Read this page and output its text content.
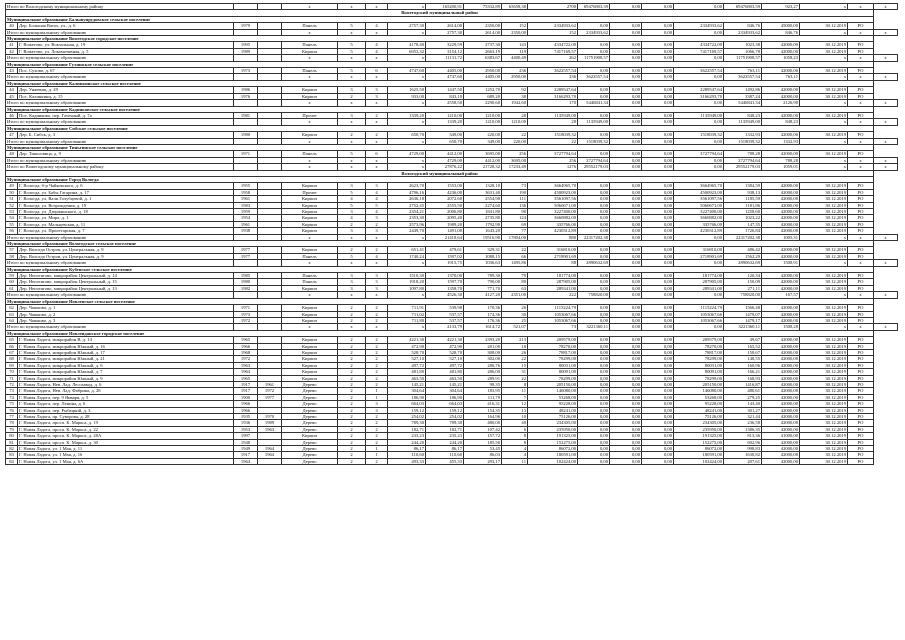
Итого по Вологодскому муниципальному району				x	x	x	x	165200,91	75332,89	65658,38	2700	69476803,39	0,00	0,00	0,00	69476803,59	923,27	x	x	x
Вожегодский муниципальный район																				
Муниципальное образование Бальшуирудовское сельское поселение																				
40	Дер. Большая Ватох, ул., д. 6	1979		Панель	5	4	2757,30	2614,00	2350,00	152	2334933,62	0,00	0,00	0,00	2334933,62	846,76	45000,00	30.12.2019	РО	
Итого по муниципальному образованию				x	x	x	x	2757,30	2614,00	2350,00	152	2334933,62	0,00	0,00	0,00	2334933,62	846,76	x	x	x
Муниципальное образование Вожегодское городское поселение																				
41	Г. Вожегово, ул. Вокзальная, д. 19	1995		Панель	5	4	4178,40	3229,59	2737,30	143	4334722,00	0,00	0,00	0,00	4334722,00	1023,38	42000,00	30.12.2019	РО	
42	Г. Вожегово, ул. Локомотивная, д. 5	1989		Кирпич	5	4	6953,32	3154,12	2663,19	119	7417169,57	0,00	0,00	0,00	7417169,57	1066,78	42000,00	30.12.2019	РО	
Итого по муниципальному образованию				x	x	x	x	11131,72	6383,67	4400,49	262	11751908,57	0,00	0,00	0,00	11751908,57	1058,23	x	x	x
Муниципальное образование Гуляшское сельское поселение																				
43	Пос. Сухово, д. 67	1973		Панель	5	6	4747,60	4405,00	2950,00	236	3622557,54	0,00	0,00	0,00	3622557,54	763,11	42000,00	30.12.2019	РО	
Итого по муниципальному образованию				x	x	x	x	4747,60	4405,00	2950,00	236	3622557,54	0,00	0,00	0,00	3622557,54	763,11	x	x	x
Муниципальное образование Калинкинское сельское поселение																				
44	Дер. Унжевиц, д. 29	1986		Кирпич	3	3	1625,50	1447,50	1252,70	92	2289547,64	0,00	0,00	0,00	2289547,64	1492,86	42000,00	30.12.2019	РО	
45	Пос. Калинкинц, д. 15	1976		Кирпич	2	3	933,00	843,10	689,20	38	3166293,70	0,00	0,00	0,00	3166293,70	3387,24	42000,00	30.12.2019	РО	
Итого по муниципальному образованию				x	x	x	x	2558,50	2290,60	1942,60	170	5446841,34	0,00	0,00	0,00	5446841,34	2126,90	x	x	x
Муниципальное образование Кадниковское сельское поселение																				
46	Пос. Кадниково, пер. Гаточный, д. 7а	1981		Прочее	3	2	1339,20	1210,00	1210,00	28	1135949,00	0,00	0,00	0,00	1135949,00	848,23	42000,00	30.12.2019	РО	
Итого по муниципальному образованию				x	x	x	x	1339,20	1210,00	1210,00	28	1135949,00	0,00	0,00	0,00	1135949,00	848,23	x	x	x
Муниципальное образование Сибское сельское поселение																				
47	Дер. Б. Сибск, д. 3	1980		Кирпич	2	2	650,70	349,00	220,00	22	1518039,32	0,00	0,00	0,00	1518039,32	1332,93	42000,00	30.12.2019	РО	
Итого по муниципальному образованию				x	x	x	x	650,70	349,00	220,00	22	1518039,32	0,00	0,00	0,00	1518039,32	1332,93	x	x	x
Муниципальное образование Тиньгинское сельское поселение																				
48	Дер. Тиньговица, д. 9	1971		Панель	5	6	4729,00	4412,00	3695,00	256	3727794,64	0,00	0,00	0,00	3727794,64	788,28	42000,00	30.12.2019	РО	
Итого по муниципальному образованию				x	x	x	x	4729,00	4412,00	3695,00	256	3727794,64	0,00	0,00	0,00	3727794,64	788,28	x	x	x
Итого по Вожегодскому муниципальному району				x	x	x	x	27876,22	21728,32	17233,49	1276	29552179,03	0,00	0,00	0,00	29552179,03	1059,01	x	x	x
Вологодский муниципальный район																				
Муниципальное образование Город Вологда																				
49	Г. Вологда, б-р Чайковского, д. 6	1955		Кирпич	3	3	2623,70	1553,00	1328,10	73	3664965,70	0,00	0,00	0,00	3664965,70	1384,59	42000,00	30.12.2019	РО	
50	Г. Вологда, ул. Бабы Гагарина, д. 17	1958		Прочее	5	4	4796,16	4236,00	3631,40	190	4500923,00	0,00	0,00	0,00	4500923,00	938,13	42000,00	30.12.2019	РО	
51	Г. Вологда, ул. Вали Голубцевой, д. 1	1961		Кирпич	4	4	2636,18	2072,60	2554,90	111	3561097,56	0,00	0,00	0,00	3561097,56	1185,59	42000,00	30.12.2019	РО	
52	Г. Вологда, ул. Возрождения, д. 19	1983		Кирпич	5	5	2752,45	2555,50	2274,60	136	5060671,00	0,00	0,00	0,00	5060671,00	1181,86	42000,00	30.12.2019	РО	
53	Г. Вологда, ул. Дзержинского, д. 18	1959		Кирпич	3	4	2354,21	2006,80	1841,80	90	3227400,00	0,00	0,00	0,00	3227400,00	1258,60	42000,00	30.12.2019	РО	
54	Г. Вологда, ул. Мира, д. 1	1954		Кирпич	4	3	2353,30	2095,40	2735,80	124	3660882,00	0,00	0,00	0,00	3660882,00	1023,22	42000,00	30.12.2019	РО	
55	Г. Вологда, ул. Мальцевская, д. 11	1961		Кирпич	2	2	2573,96	1989,20	1792,90	69	335766,00	0,00	0,00	0,00	335766,00	147,35	42000,00	30.12.2019	РО	
56	Г. Вологда, ул. Пролетарская, д. 7	1938		Кирпич	3	3	2449,70	1491,00	1643,20	77	4230312,89	0,00	0,00	0,00	4230312,89	1726,84	42000,00	30.12.2019	РО	
Итого по муниципальному образованию				x	x	x	x	21418,64	19516,90	17804,00	880	22317202,38	0,00	0,00	0,00	22317202,38	1005,31	x	x	x
Муниципальное образование Вологодское сельское поселение																				
57	Дер. Вологда Остров, ул. Центральная, д. 9	1977		Кирпич	2	2	651,41	479,61	329,31	22	316810,00	0,00	0,00	0,00	316810,00	486,42	42000,00	30.12.2019	РО	
58	Дер. Вологда Остров, ул. Центральная, д. 9	1977		Панель	5	4	1740,24	1597,02	1088,15	66	2718901,69	0,00	0,00	0,00	2718901,69	1562,29	42000,00	30.12.2019	РО	
Итого по муниципальному образованию				x	x	x	x	1915,75	1036,63	1495,86	88	2890632,69	0,00	0,00	0,00	2890632,69	1508,91	x	x	x
Муниципальное образование Кубенское сельское поселение																				
59	Дер. Непотягово, микрорайон Центральный, д. 14	1985		Панель	3	3	1510,30	1370,00	789,30	79	181774,00	0,00	0,00	0,00	181774,00	120,34	42000,00	30.12.2019	РО	
60	Дер. Непотягово, микрорайон Центральный, д. 15	1980		Панель	3	3	1918,20	1597,70	790,00	80	287905,00	0,00	0,00	0,00	287905,00	150,09	42000,00	30.12.2019	РО	
61	Дер. Непотягово, микрорайон Центральный, д. 13	1982		Кирпич	3	3	1097,80	1358,70	771,70	63	289341,00	0,00	0,00	0,00	289341,00	271,11	42000,00	30.12.2019	РО	
Итого по муниципальному образованию				x	x	x	x	4526,30	4127,20	2351,00	222	758820,00	0,00	0,00	0,00	758820,00	167,57	x	x	x
Муниципальное образование Новленское сельское поселение																				
62	Дер. Чашково, д. 1	1971		Кирпич	2	2	711,91	539,98	170,36	26	1115224,79	0,00	0,00	0,00	1115224,79	1566,48	42000,00	30.12.2019	РО	
63	Дер. Чашково, д. 2	1973		Кирпич	2	2	711,02	537,57	174,36	30	1053067,66	0,00	0,00	0,00	1053067,66	1479,07	42000,00	30.12.2019	РО	
64	Дер. Чашково, д. 3	1972		Кирпич	2	2	711,80	537,57	176,36	25	1053067,66	0,00	0,00	0,00	1053067,66	1479,17	42000,00	30.12.2019	РО	
Итого по муниципальному образованию				x	x	x	x	2133,79	1614,72	521,07	73	3221360,11	0,00	0,00	0,00	3221360,11	1508,28	x	x	x
Муниципальное образование Новлеиданское городское поселение																				
65	Г. Новая Ладога, микрорайон В, д. 14	1965		Кирпич	2	2	4221,30	4221,30	2393,20	213	209579,00	0,00	0,00	0,00	209579,00	49,67	42000,00	30.12.2019	РО	
66	Г. Новая Ладога, микрорайон Южный, д. 16	1966		Кирпич	2	2	472,90	472,90	281,00	18	78270,00	0,00	0,00	0,00	78270,00	165,52	42000,00	30.12.2019	РО	
67	Г. Новая Ладога, микрорайон Южный, д. 17	1968		Кирпич	2	2	528,70	528,70	308,00	26	78817,00	0,00	0,00	0,00	78817,00	150,67	42000,00	30.12.2019	РО	
68	Г. Новая Ладога, микрорайон Южный, д. 21	1972		Кирпич	2	2	527,10	527,10	302,00	22	78299,00	0,00	0,00	0,00	78299,00	148,55	42000,00	30.12.2019	РО	
69	Г. Новая Ладога, микрорайон Южный, д. 6	1963		Кирпич	2	2	497,72	497,72	286,76	15	80031,00	0,00	0,00	0,00	80031,00	160,96	42000,00	30.12.2019	РО	
70	Г. Новая Ладога, микрорайон Южный, д. 7	1964		Кирпич	2	2	481,80	481,80	286,00	31	80091,00	0,00	0,00	0,00	80091,00	166,21	42000,00	30.12.2019	РО	
71	Г. Новая Ладога, микрорайон Южный, д. 9	1965		Кирпич	2	2	463,50	463,50	289,91	22	78299,00	0,00	0,00	0,00	78299,00	168,93	42000,00	30.12.2019	РО	
72	Г. Новая Ладога, Нев. Лад. Лесозавод, д. 6	1917	1961	Дерево	2	2	145,21	145,21	98,35	8	205150,00	0,00	0,00	0,00	205150,00	1416,87	42000,00	30.12.2019	РО	
73	Г. Новая Ладога, Нев. Лад. Фабрика, д. 28	1917	1972	Дерево	2	1	304,64	304,64	183,95	11	146080,00	0,00	0,00	0,00	146080,00	480,61	42000,00	30.12.2019	РО	
74	Г. Новая Ладога, пер. 9 Января, д. 5	1900	1977	Дерево	2	1	186,90	186,90	111,79	7	53268,00	0,00	0,00	0,00	53268,00	279,25	42000,00	30.12.2019	РО	
75	Г. Новая Ладога, пер. Ленина, д. 6	1966		Дерево	2	3	664,03	664,03	416,31	12	95228,00	0,00	0,00	0,00	95228,00	143,40	42000,00	30.12.2019	РО	
76	Г. Новая Ладога, пер. Рыбацкий, д. 3	1966		Дерево	2	3	159,12	159,12	154,35	13	48241,00	0,00	0,00	0,00	48241,00	301,27	42000,00	30.12.2019	РО	
77	Г. Новая Ладога, пр. Суворова, д. 28	1935	1970	Дерево	2	2	254,02	254,02	164,96	10	75126,00	0,00	0,00	0,00	75126,00	321,44	42000,00	30.12.2019	РО	
78	Г. Новая Ладога, просп. К. Маркса, д. 19	1936	1989	Дерево	2	2	789,30	789,30	480,00	40	234305,00	0,00	0,00	0,00	234305,00	236,58	42000,00	30.12.2019	РО	
79	Г. Новая Ладога, просп. К. Маркса, д. 22	1953	1963	Дерево	2	2	182,71	182,71	107,42	6	235950,00	0,00	0,00	0,00	235950,00	1386,35	42000,00	30.12.2019	РО	
80	Г. Новая Ладога, просп. К. Маркса, д. 28А	1997		Кирпич	2	2	233,23	235,23	157,72	8	191325,00	0,00	0,00	0,00	191325,00	813,36	41000,00	30.12.2019	РО	
81	Г. Новая Ладога, просп. К. Маркса, д. 30	1948		Дерево	2	2	244,20	244,20	185,50	8	152275,00	0,00	0,00	0,00	152275,00	692,96	42000,00	30.12.2019	РО	
82	Г. Новая Ладога, ул. 1 Мая, д. 11	1949	1964	Дерево	2	1	86,17	86,17	53,45	4	86072,00	0,00	0,00	0,00	86072,00	998,83	42000,00	30.12.2019	РО	
83	Г. Новая Ладога, ул. 1 Мая, д. 16	1917	1964	Дерево	2	1	110,60	110,60	86,03	4	180591,00	0,00	0,00	0,00	180591,00	1630,82	42000,00	30.12.2019	РО	
84	Г. Новая Ладога, ул. 1 Мая, д. 6А	1964		Дерево	2	2	493,33	455,33	293,17	11	102424,00	0,00	0,00	0,00	102424,00	207,61	42000,00	30.12.2019	РО	
